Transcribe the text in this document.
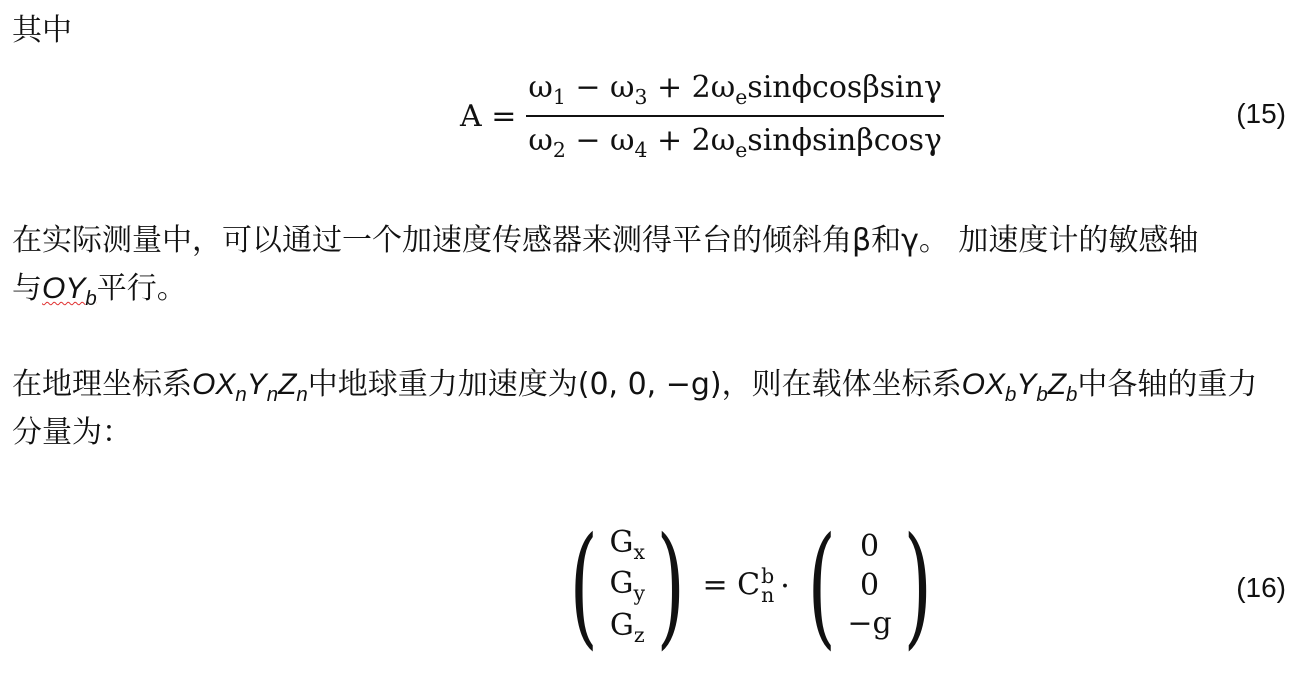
其中
$A = \frac{\omega_1 - \omega_3 + 2\omega_e\sin\phi\cos\beta\sin\gamma}{\omega_2 - \omega_4 + 2\omega_e\sin\phi\sin\beta\cos\gamma}$	(15)
在实际测量中，可以通过一个加速度传感器来测得平台的倾斜角β和γ。 加速度计的敏感轴
与$OY_b$平行。
在地理坐标系$OX_nY_nZ_n$中地球重力加速度为(0, 0, −g)，则在载体坐标系$OX_bY_bZ_b$中各轴的重力
分量为：
( $G_x$
$G_y$
$G_z$ ) = C b
n · ( 0
0
−g )	(16)
